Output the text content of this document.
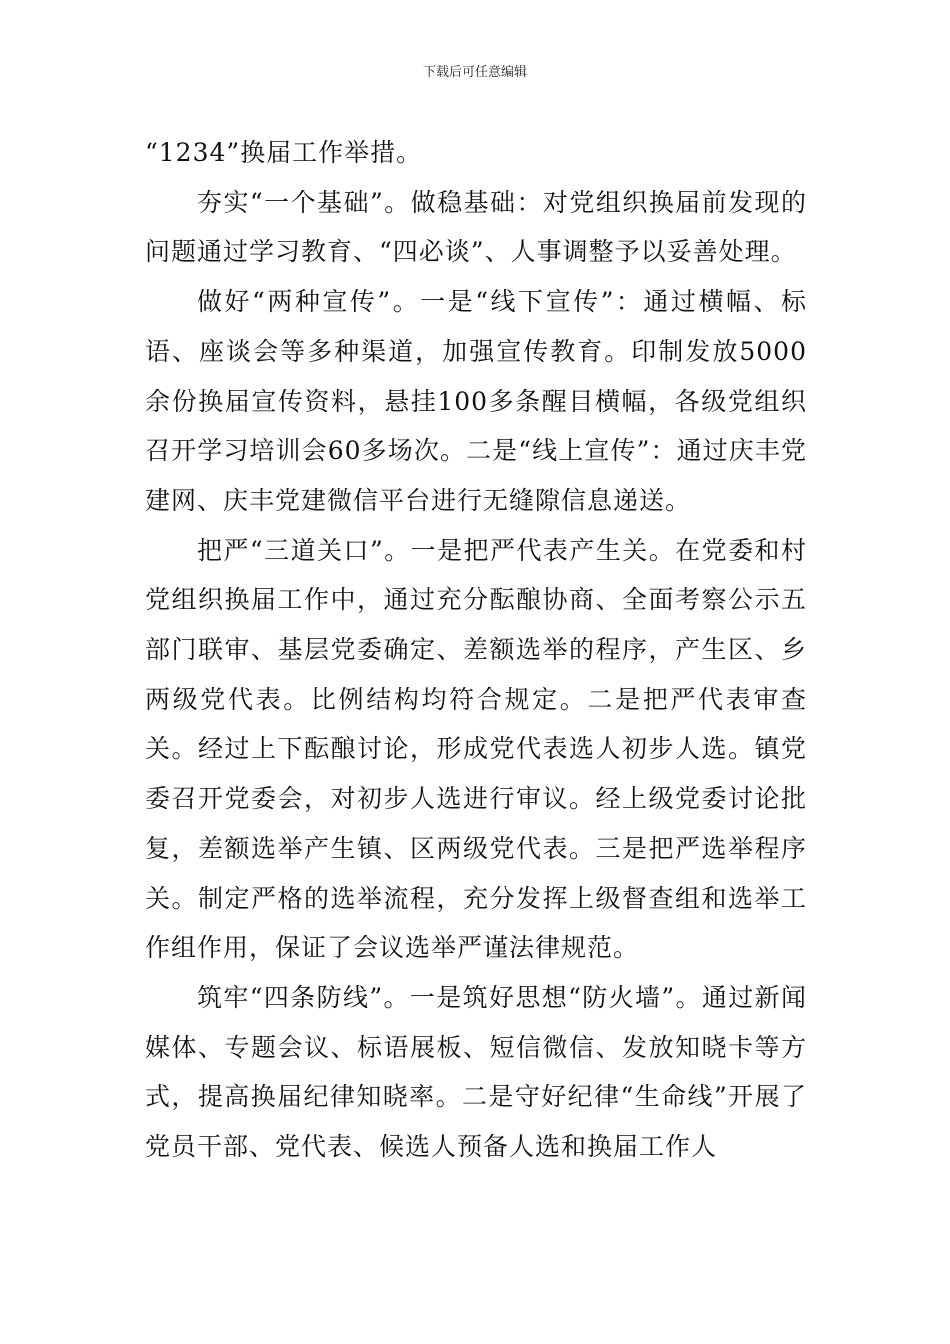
下载后可任意编辑

“1234”换届工作举措。

夯实“一个基础”。做稳基础：对党组织换届前发现的问题通过学习教育、“四必谈”、人事调整予以妥善处理。

做好“两种宣传”。一是“线下宣传”：通过横幅、标语、座谈会等多种渠道，加强宣传教育。印制发放5000余份换届宣传资料，悬挂100多条醒目横幅，各级党组织召开学习培训会60多场次。二是“线上宣传”：通过庆丰党建网、庆丰党建微信平台进行无缝隙信息递送。

把严“三道关口”。一是把严代表产生关。在党委和村党组织换届工作中，通过充分酝酿协商、全面考察公示五部门联审、基层党委确定、差额选举的程序，产生区、乡两级党代表。比例结构均符合规定。二是把严代表审查关。经过上下酝酿讨论，形成党代表选人初步人选。镇党委召开党委会，对初步人选进行审议。经上级党委讨论批复，差额选举产生镇、区两级党代表。三是把严选举程序关。制定严格的选举流程，充分发挥上级督查组和选举工作组作用，保证了会议选举严谨法律规范。

筑牢“四条防线”。一是筑好思想“防火墙”。通过新闻媒体、专题会议、标语展板、短信微信、发放知晓卡等方式，提高换届纪律知晓率。二是守好纪律“生命线”开展了党员干部、党代表、候选人预备人选和换届工作人
